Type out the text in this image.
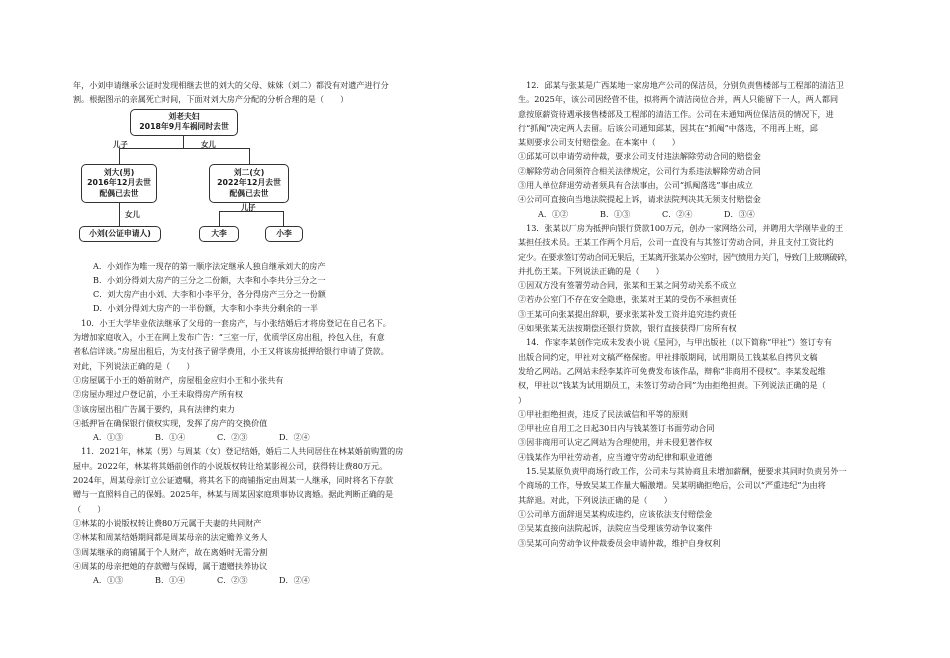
年，小刘申请继承公证时发现相继去世的刘大的父母、妹妹（刘二）都没有对遗产进行分

割。根据图示的亲属死亡时间，下面对刘大房产分配的分析合理的是（　　）

刘老夫妇
2018年9月车祸同时去世
儿子	女儿
刘大(男)
2016年12月去世
配偶已去世
刘二(女)
2022年12月去世
配偶已去世
女儿
小刘(公证申请人)
儿子
大李	小李

A．小刘作为唯一现存的第一顺序法定继承人独自继承刘大的房产

B．小刘分得刘大房产的三分之二份额，大李和小李共分三分之一

C．刘大房产由小刘、大李和小李平分，各分得房产三分之一份额

D．小刘分得刘大房产的一半份额，大李和小李共分剩余的一半

10．小王大学毕业依法继承了父母的一套房产，与小张结婚后才将房登记在自己名下。

为增加家庭收入，小王在网上发布广告：“三室一厅，优质学区房出租，拎包入住，有意

者私信详谈。”房屋出租后，为支付孩子留学费用，小王又将该房抵押给银行申请了贷款。

对此，下列说法正确的是（　　）

①房屋属于小王的婚前财产，房屋租金应归小王和小张共有

②房屋办理过户登记前，小王未取得房产所有权

③该房屋出租广告属于要约，具有法律约束力

④抵押旨在确保银行债权实现，发挥了房产的交换价值

A．①③	B．①④	C．②③	D．②④

11．2021年，林某（男）与周某（女）登记结婚，婚后二人共同居住在林某婚前购置的房

屋中。2022年，林某将其婚前创作的小说版权转让给某影视公司，获得转让费80万元。

2024年，周某母亲订立公证遗嘱，将其名下的商铺指定由周某一人继承，同时将名下存款

赠与一直照料自己的保姆。2025年，林某与周某因家庭琐事协议离婚。据此判断正确的是

（　　）

①林某的小说版权转让费80万元属于夫妻的共同财产

②林某和周某结婚期间都是周某母亲的法定赡养义务人

③周某继承的商铺属于个人财产，故在离婚时无需分割

④周某的母亲把她的存款赠与保姆，属于遗赠扶养协议

A．①③	B．①④	C．②③	D．②④

12．邱某与张某是广西某地一家房地产公司的保洁员，分别负责售楼部与工程部的清洁卫

生。2025年，该公司因经营不佳，拟将两个清洁岗位合并，两人只能留下一人，两人都同

意按原薪资待遇承接售楼部及工程部的清洁工作。公司在未通知两位保洁员的情况下，进

行“抓阄”决定两人去留。后该公司通知邱某，因其在“抓阄”中落选，不用再上班，邱

某则要求公司支付赔偿金。在本案中（　　）

①邱某可以申请劳动仲裁，要求公司支付违法解除劳动合同的赔偿金

②解除劳动合同须符合相关法律规定，公司行为系违法解除劳动合同

③用人单位辞退劳动者须具有合法事由，公司“抓阄落选”事由成立

④公司可直接向当地法院提起上诉，请求法院判决其无须支付赔偿金

A．①②	B．①③	C．②④	D．③④

13．张某以厂房为抵押向银行贷款100万元，创办一家网络公司，并聘用大学刚毕业的王

某担任技术员。王某工作两个月后，公司一直没有与其签订劳动合同，并且支付工资比约

定少。在要求签订劳动合同无果后，王某离开张某办公室时，因气愤用力关门，导致门上玻璃破碎，

并扎伤王某。下列说法正确的是（　　）

①因双方没有签署劳动合同，张某和王某之间劳动关系不成立

②若办公室门不存在安全隐患，张某对王某的受伤不承担责任

③王某可向张某提出辞职，要求张某补发工资并追究违约责任

④如果张某无法按期偿还银行贷款，银行直接获得厂房所有权

14．作家李某创作完成未发表小说《星河》，与甲出版社（以下简称“甲社”）签订专有

出版合同约定，甲社对文稿严格保密。甲社排版期间，试用期员工钱某私自拷贝文稿

发给乙网站。乙网站未经李某许可免费发布该作品，辩称“非商用不侵权”。李某发起维

权，甲社以“钱某为试用期员工，未签订劳动合同”为由拒绝担责。下列说法正确的是（

）

①甲社拒绝担责，违反了民法诚信和平等的原则

②甲社应自用工之日起30日内与钱某签订书面劳动合同

③因非商用可认定乙网站为合理使用，并未侵犯著作权

④钱某作为甲社劳动者，应当遵守劳动纪律和职业道德

15.吴某原负责甲商场行政工作，公司未与其协商且未增加薪酬，便要求其同时负责另外一

个商场的工作，导致吴某工作量大幅激增。吴某明确拒绝后，公司以“严重违纪”为由将

其辞退。对此，下列说法正确的是（　　）

①公司单方面辞退吴某构成违约，应该依法支付赔偿金

②吴某直接向法院起诉，法院应当受理该劳动争议案件

③吴某可向劳动争议仲裁委员会申请仲裁，维护自身权利
